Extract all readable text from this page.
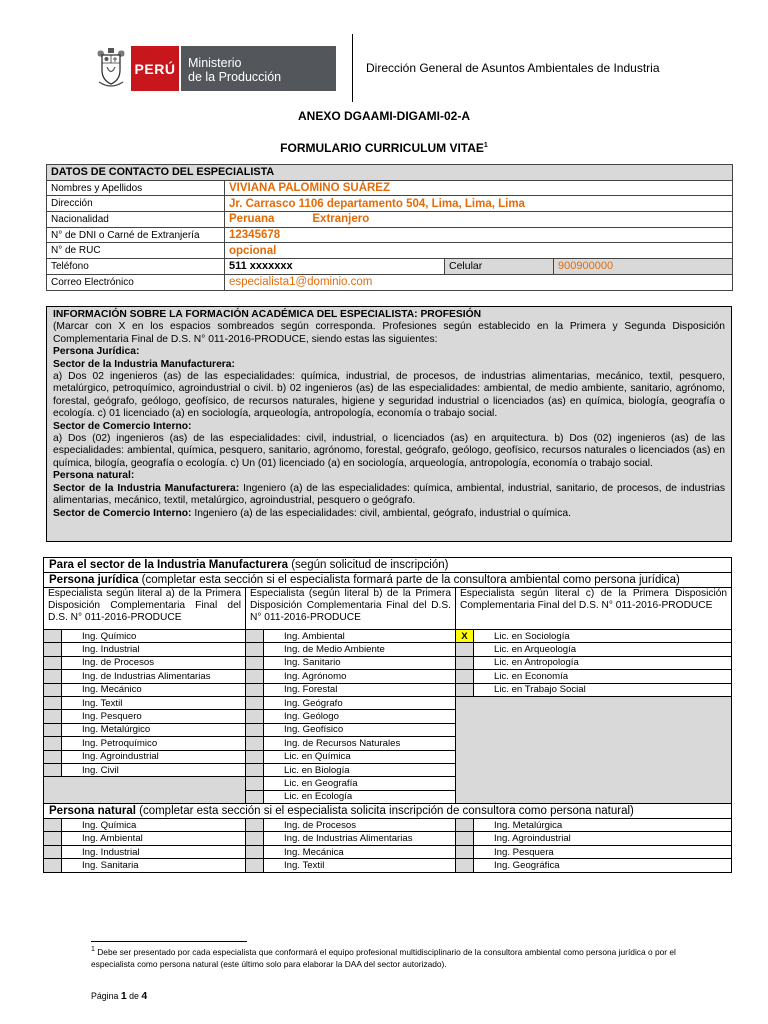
PERÚ Ministerio
de la Producción
Dirección General de Asuntos Ambientales de Industria
ANEXO DGAAMI-DIGAMI-02-A
FORMULARIO CURRICULUM VITAE$^1$
DATOS DE CONTACTO DEL ESPECIALISTA			
Nombres y Apellidos	VIVIANA PALOMINO SUÁREZ		
Dirección	Jr. Carrasco 1106 departamento 504, Lima, Lima, Lima		
Nacionalidad	Peruana Extranjero		
N° de DNI o Carné de Extranjería	12345678		
N° de RUC	opcional		
Teléfono	511 xxxxxxx	Celular	900900000
Correo Electrónico	especialista1@dominio.com		
INFORMACIÓN SOBRE LA FORMACIÓN ACADÉMICA DEL ESPECIALISTA: PROFESIÓN
(Marcar con X en los espacios sombreados según corresponda. Profesiones según establecido en la Primera y Segunda Disposición Complementaria Final de D.S. N° 011-2016-PRODUCE, siendo estas las siguientes:
Persona Jurídica:
Sector de la Industria Manufacturera:
a) Dos 02 ingenieros (as) de las especialidades: química, industrial, de procesos, de industrias alimentarias, mecánico, textil, pesquero, metalúrgico, petroquímico, agroindustrial o civil. b) 02 ingenieros (as) de las especialidades: ambiental, de medio ambiente, sanitario, agrónomo, forestal, geógrafo, geólogo, geofísico, de recursos naturales, higiene y seguridad industrial o licenciados (as) en química, biología, geografía o ecología. c) 01 licenciado (a) en sociología, arqueología, antropología, economía o trabajo social.
Sector de Comercio Interno:
a) Dos (02) ingenieros (as) de las especialidades: civil, industrial, o licenciados (as) en arquitectura. b) Dos (02) ingenieros (as) de las especialidades: ambiental, química, pesquero, sanitario, agrónomo, forestal, geógrafo, geólogo, geofísico, recursos naturales o licenciados (as) en química, bilogía, geografía o ecología. c) Un (01) licenciado (a) en sociología, arqueología, antropología, economía o trabajo social.
Persona natural:
Sector de la Industria Manufacturera: Ingeniero (a) de las especialidades: química, ambiental, industrial, sanitario, de procesos, de industrias alimentarias, mecánico, textil, metalúrgico, agroindustrial, pesquero o geógrafo.
Sector de Comercio Interno: Ingeniero (a) de las especialidades: civil, ambiental, geógrafo, industrial o química.
Para el sector de la Industria Manufacturera (según solicitud de inscripción)					
Persona jurídica (completar esta sección si el especialista formará parte de la consultora ambiental como persona jurídica)					
Especialista según literal a) de la Primera Disposición Complementaria Final del D.S. N° 011-2016-PRODUCE		Especialista (según literal b) de la Primera Disposición Complementaria Final del D.S. N° 011-2016-PRODUCE		Especialista según literal c) de la Primera Disposición Complementaria Final del D.S. N° 011-2016-PRODUCE	
	Ing. Químico		Ing. Ambiental	X	Lic. en Sociología
	Ing. Industrial		Ing. de Medio Ambiente		Lic. en Arqueología
	Ing. de Procesos		Ing. Sanitario		Lic. en Antropología
	Ing. de Industrias Alimentarias		Ing. Agrónomo		Lic. en Economía
	Ing. Mecánico		Ing. Forestal		Lic. en Trabajo Social
	Ing. Textil		Ing. Geógrafo		
	Ing. Pesquero		Ing. Geólogo		
	Ing. Metalúrgico		Ing. Geofísico		
	Ing. Petroquímico		Ing. de Recursos Naturales		
	Ing. Agroindustrial		Lic. en Química		
	Ing. Civil		Lic. en Biología		
			Lic. en Geografía		
			Lic. en Ecología		
Persona natural (completar esta sección si el especialista solicita inscripción de consultora como persona natural)					
	Ing. Química		Ing. de Procesos		Ing. Metalúrgica
	Ing. Ambiental		Ing. de Industrias Alimentarias		Ing. Agroindustrial
	Ing. Industrial		Ing. Mecánica		Ing. Pesquera
	Ing. Sanitaria		Ing. Textil		Ing. Geográfica
$^1$ Debe ser presentado por cada especialista que conformará el equipo profesional multidisciplinario de la consultora ambiental como persona jurídica o por el especialista como persona natural (este último solo para elaborar la DAA del sector autorizado).
Página 1 de 4
